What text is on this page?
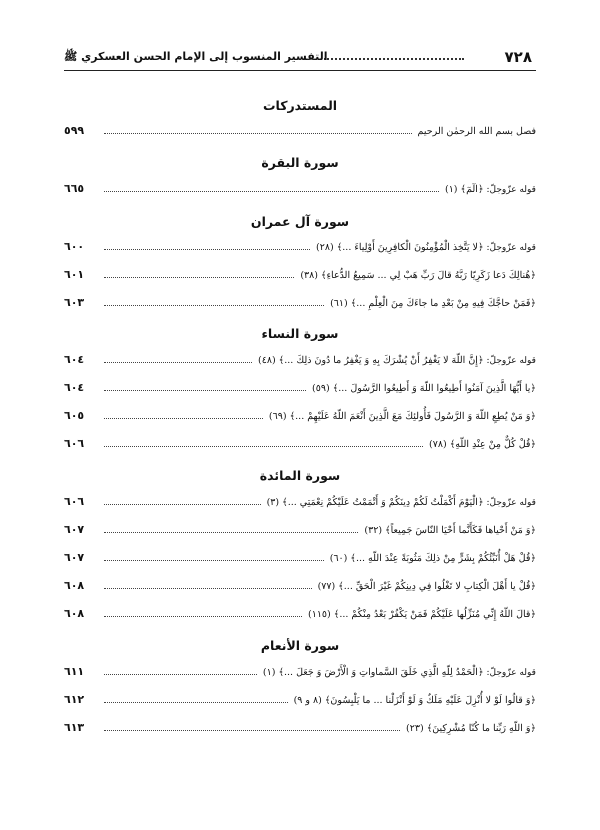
٧٢٨
التفسير المنسوب إلى الإمام الحسن العسكري ﷺ
المستدركات
فصل بسم الله الرحمٰن الرحيم
٥٩٩
سورة البقرة
قوله عزّوجلّ:
﴿الٓمٓ﴾ (١)
٦٦٥
سورة آل عمران
قوله عزّوجلّ:
﴿لا يَتَّخِذ الْمُؤْمِنُونَ الْكافِرِينَ أَوْلِياءَ ...﴾ (٢٨)
٦٠٠
﴿هُنالِكَ دَعا زَكَرِيّا رَبَّهُ قالَ رَبِّ هَبْ لِي ... سَمِيعُ الدُّعاءِ﴾ (٣٨)
٦٠١
﴿فَمَنْ حاجَّكَ فِيهِ مِنْ بَعْدِ ما جاءَكَ مِنَ الْعِلْمِ ...﴾ (٦١)
٦٠٣
سورة النساء
قوله عزّوجلّ:
﴿إِنَّ اللّهَ لا يَغْفِرُ أَنْ يُشْرَكَ بِهِ وَ يَغْفِرُ ما دُونَ ذلِكَ ...﴾ (٤٨)
٦٠٤
﴿يا أَيُّهَا الَّذِينَ آمَنُوا أَطِيعُوا اللّهَ وَ أَطِيعُوا الرَّسُولَ ...﴾ (٥٩)
٦٠٤
﴿وَ مَنْ يُطِعِ اللّهَ وَ الرَّسُولَ فَأُولئِكَ مَعَ الَّذِينَ أَنْعَمَ اللّهُ عَلَيْهِمْ ...﴾ (٦٩)
٦٠٥
﴿قُلْ كُلٌّ مِنْ عِنْدِ اللّهِ﴾ (٧٨)
٦٠٦
سورة المائدة
قوله عزّوجلّ:
﴿الْيَوْمَ أَكْمَلْتُ لَكُمْ دِينَكُمْ وَ أَتْمَمْتُ عَلَيْكُمْ نِعْمَتِي ...﴾ (٣)
٦٠٦
﴿وَ مَنْ أَحْياها فَكَأَنَّما أَحْيَا النّاسَ جَمِيعاً﴾ (٣٢)
٦٠٧
﴿قُلْ هَلْ أُنَبِّئُكُمْ بِشَرٍّ مِنْ ذلِكَ مَثُوبَةً عِنْدَ اللّهِ ...﴾ (٦٠)
٦٠٧
﴿قُلْ يا أَهْلَ الْكِتابِ لا تَغْلُوا فِي دِينِكُمْ غَيْرَ الْحَقِّ ...﴾ (٧٧)
٦٠٨
﴿قالَ اللّهُ إِنِّي مُنَزِّلُها عَلَيْكُمْ فَمَنْ يَكْفُرْ بَعْدُ مِنْكُمْ ...﴾ (١١٥)
٦٠٨
سورة الأنعام
قوله عزّوجلّ:
﴿الْحَمْدُ لِلّهِ الَّذِي خَلَقَ السَّماواتِ وَ الْأَرْضَ وَ جَعَلَ ...﴾ (١)
٦١١
﴿وَ قالُوا لَوْ لا أُنْزِلَ عَلَيْهِ مَلَكٌ وَ لَوْ أَنْزَلْنا ... ما يَلْبِسُونَ﴾ (٨ و ٩)
٦١٢
﴿وَ اللّهِ رَبِّنا ما كُنّا مُشْرِكِينَ﴾ (٢٣)
٦١٣
